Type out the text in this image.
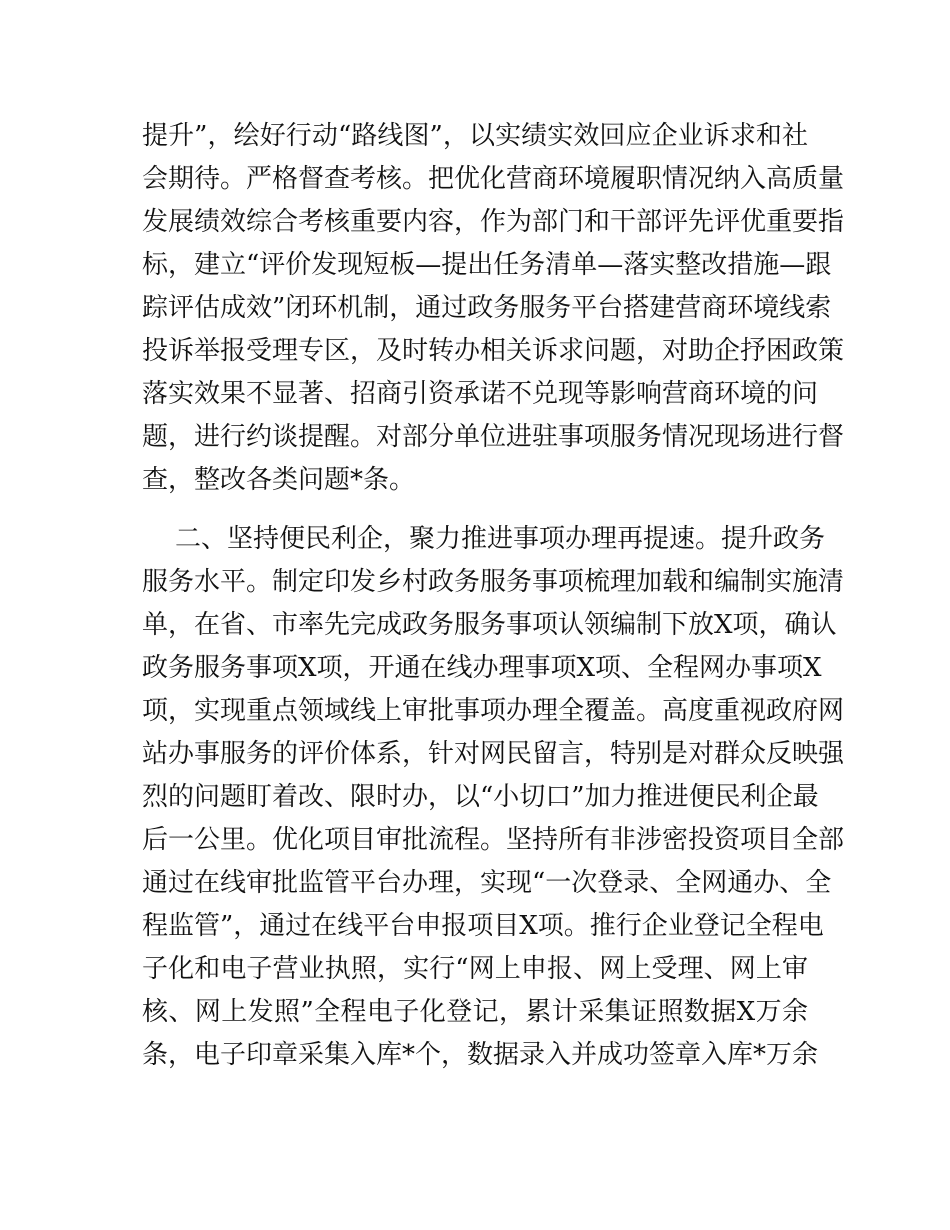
提升”，绘好行动“路线图”，以实绩实效回应企业诉求和社
会期待。严格督查考核。把优化营商环境履职情况纳入高质量
发展绩效综合考核重要内容，作为部门和干部评先评优重要指
标，建立“评价发现短板—提出任务清单—落实整改措施—跟
踪评估成效”闭环机制，通过政务服务平台搭建营商环境线索
投诉举报受理专区，及时转办相关诉求问题，对助企抒困政策
落实效果不显著、招商引资承诺不兑现等影响营商环境的问
题，进行约谈提醒。对部分单位进驻事项服务情况现场进行督
查，整改各类问题*条。
二、坚持便民利企，聚力推进事项办理再提速。提升政务
服务水平。制定印发乡村政务服务事项梳理加载和编制实施清
单，在省、市率先完成政务服务事项认领编制下放X项，确认
政务服务事项X项，开通在线办理事项X项、全程网办事项X
项，实现重点领域线上审批事项办理全覆盖。高度重视政府网
站办事服务的评价体系，针对网民留言，特别是对群众反映强
烈的问题盯着改、限时办，以“小切口”加力推进便民利企最
后一公里。优化项目审批流程。坚持所有非涉密投资项目全部
通过在线审批监管平台办理，实现“一次登录、全网通办、全
程监管”，通过在线平台申报项目X项。推行企业登记全程电
子化和电子营业执照，实行“网上申报、网上受理、网上审
核、网上发照”全程电子化登记，累计采集证照数据X万余
条，电子印章采集入库*个，数据录入并成功签章入库*万余
